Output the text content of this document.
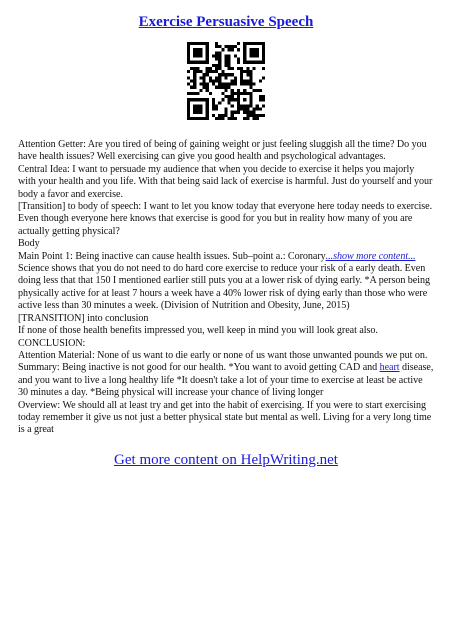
Exercise Persuasive Speech

Attention Getter: Are you tired of being of gaining weight or just feeling sluggish all the time? Do you have health issues? Well exercising can give you good health and psychological advantages.

Central Idea: I want to persuade my audience that when you decide to exercise it helps you majorly with your health and you life. With that being said lack of exercise is harmful. Just do yourself and your body a favor and exercise.

[Transition] to body of speech: I want to let you know today that everyone here today needs to exercise. Even though everyone here knows that exercise is good for you but in reality how many of you are actually getting physical?

Body

Main Point 1: Being inactive can cause health issues. Sub–point a.: Coronary...show more content...
Science shows that you do not need to do hard core exercise to reduce your risk of a early death. Even doing less that that 150 I mentioned earlier still puts you at a lower risk of dying early. *A person being physically active for at least 7 hours a week have a 40% lower risk of dying early than those who were active less than 30 minutes a week. (Division of Nutrition and Obesity, June, 2015)

[TRANSITION] into conclusion

If none of those health benefits impressed you, well keep in mind you will look great also.

CONCLUSION:

Attention Material: None of us want to die early or none of us want those unwanted pounds we put on.

Summary: Being inactive is not good for our health. *You want to avoid getting CAD and heart disease, and you want to live a long healthy life *It doesn't take a lot of your time to exercise at least be active 30 minutes a day. *Being physical will increase your chance of living longer

Overview: We should all at least try and get into the habit of exercising. If you were to start exercising today remember it give us not just a better physical state but mental as well. Living for a very long time is a great

Get more content on HelpWriting.net
